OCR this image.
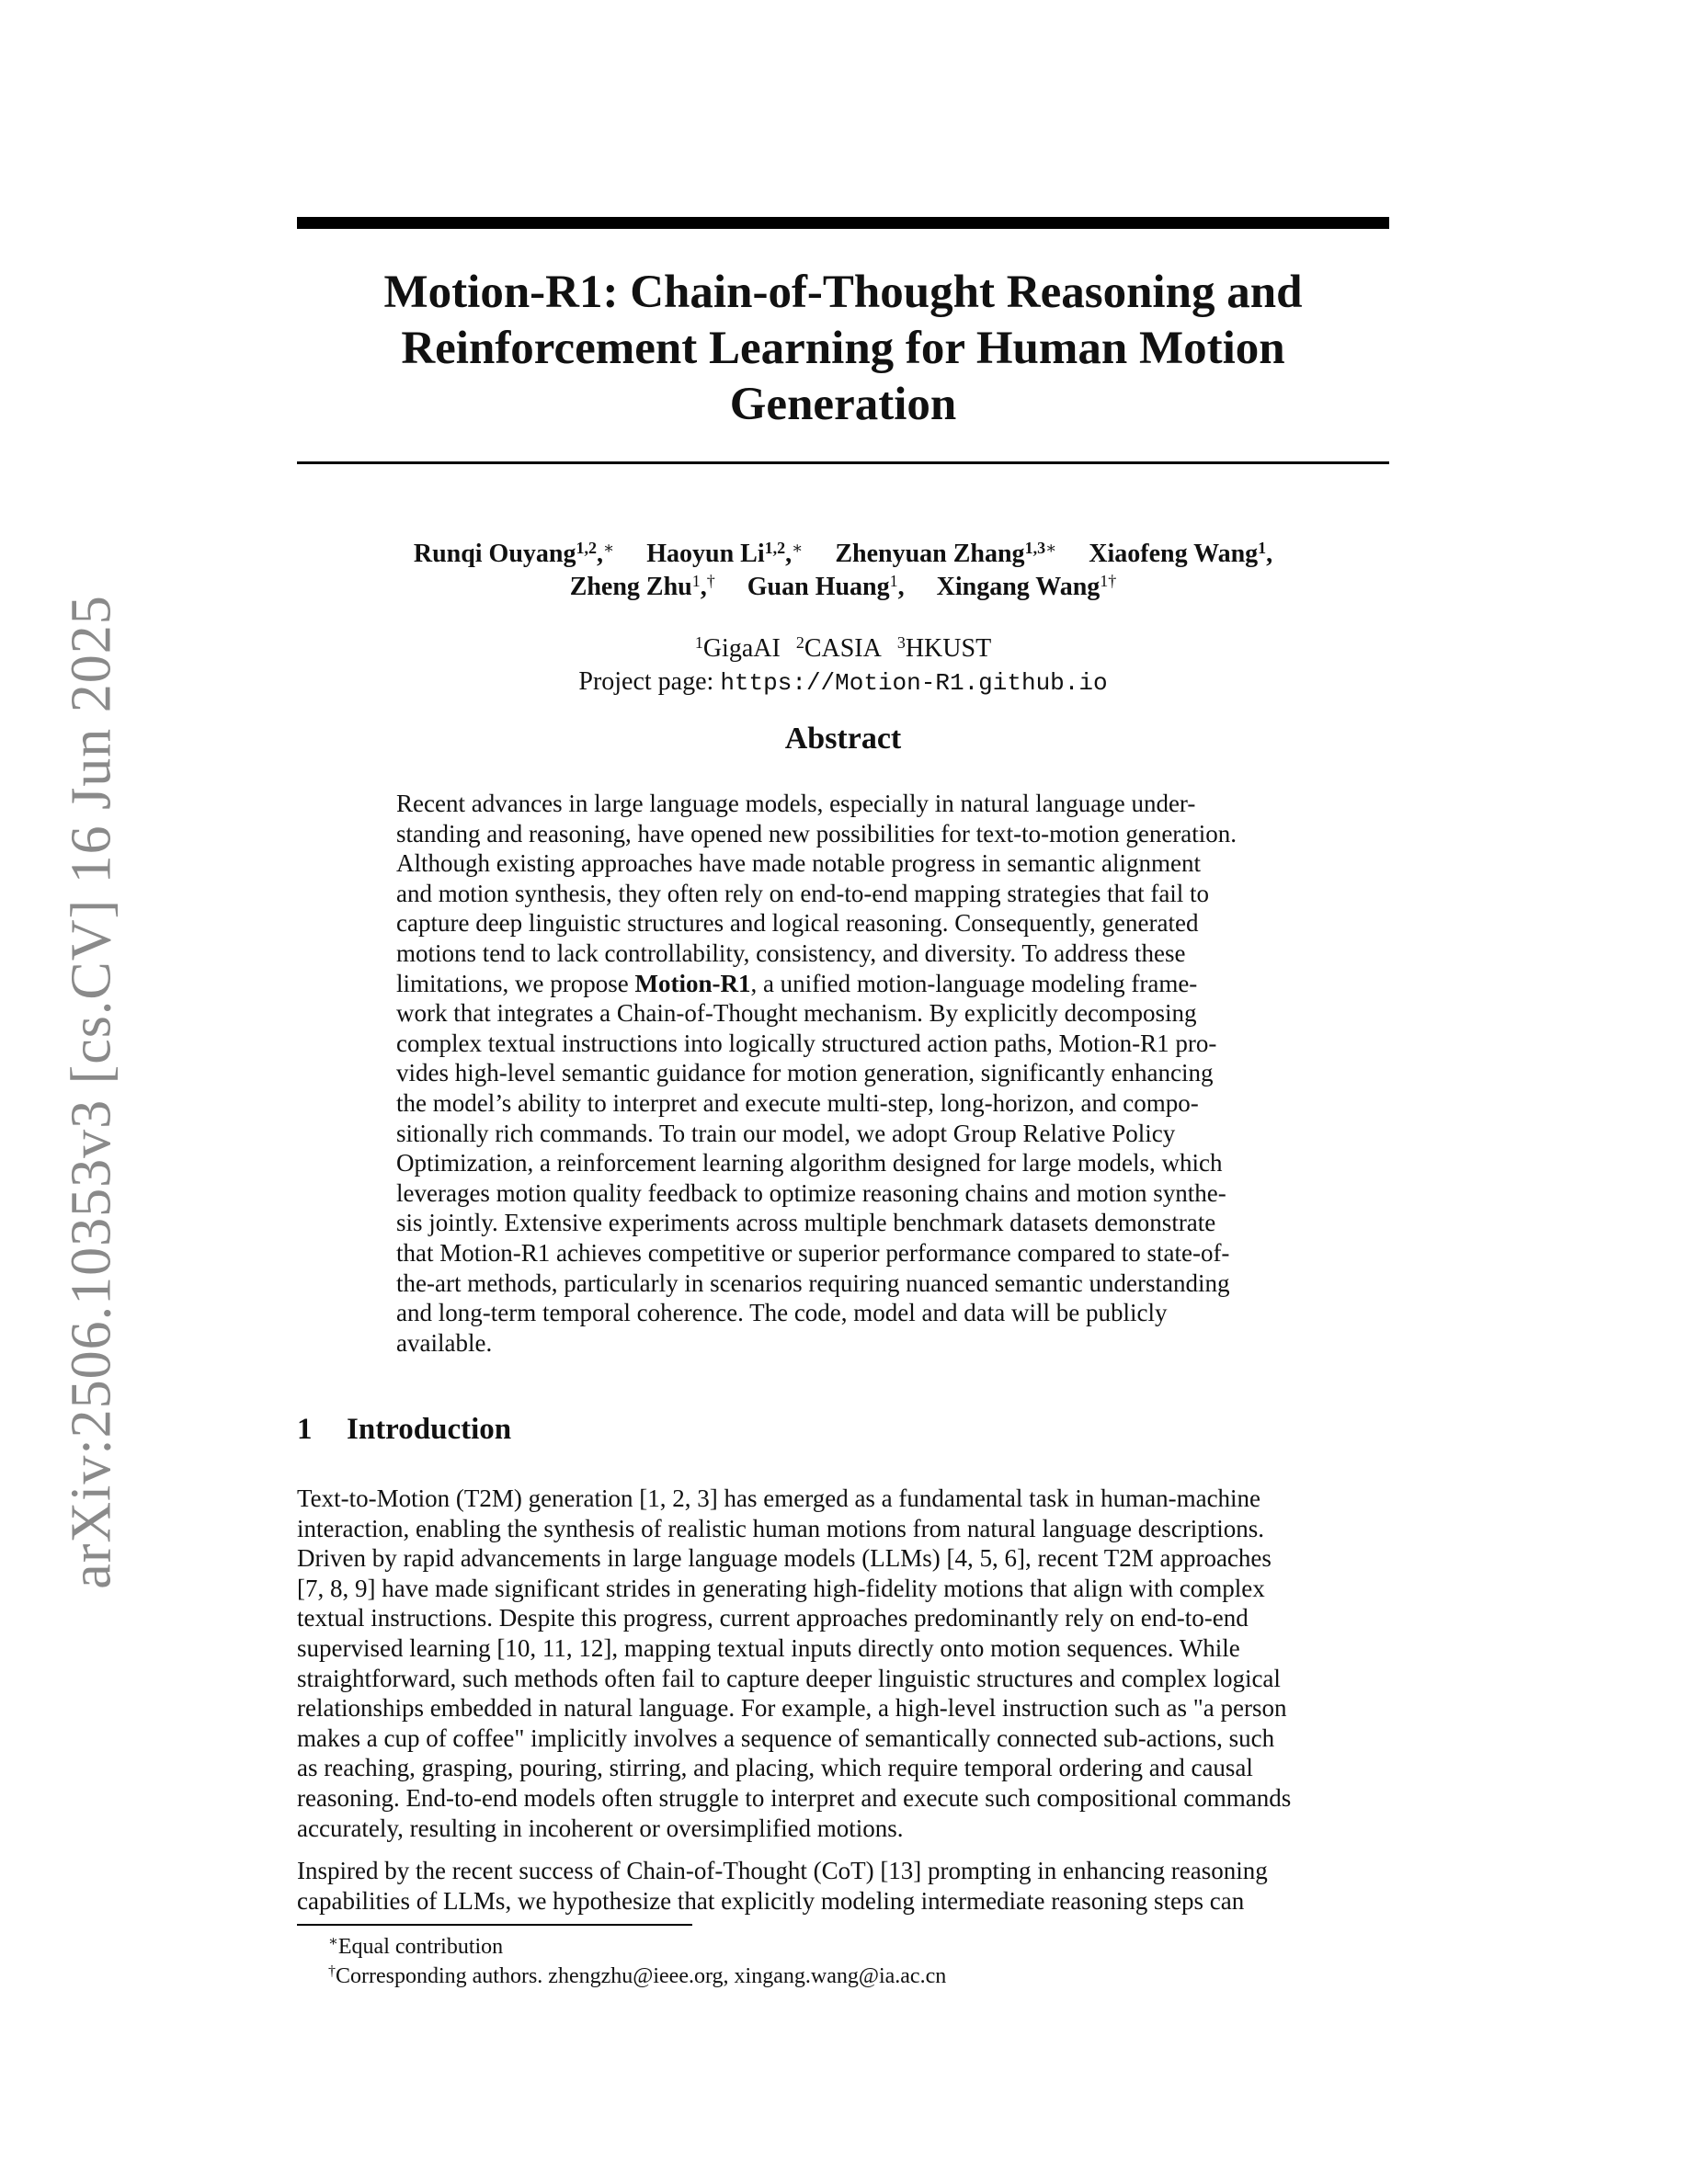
arXiv:2506.10353v3 [cs.CV] 16 Jun 2025
Motion-R1: Chain-of-Thought Reasoning and
Reinforcement Learning for Human Motion
Generation
Runqi Ouyang$^{1,2}$,∗ Haoyun Li$^{1,2}$,∗ Zhenyuan Zhang$^{1,3∗}$ Xiaofeng Wang$^1$,
Zheng Zhu$^1$,† Guan Huang$^1$, Xingang Wang$^{1\dagger}$
$^1$GigaAI $^2$CASIA $^3$HKUST
Project page: https://Motion-R1.github.io
Abstract
Recent advances in large language models, especially in natural language under-
standing and reasoning, have opened new possibilities for text-to-motion generation.
Although existing approaches have made notable progress in semantic alignment
and motion synthesis, they often rely on end-to-end mapping strategies that fail to
capture deep linguistic structures and logical reasoning. Consequently, generated
motions tend to lack controllability, consistency, and diversity. To address these
limitations, we propose Motion-R1, a unified motion-language modeling frame-
work that integrates a Chain-of-Thought mechanism. By explicitly decomposing
complex textual instructions into logically structured action paths, Motion-R1 pro-
vides high-level semantic guidance for motion generation, significantly enhancing
the model’s ability to interpret and execute multi-step, long-horizon, and compo-
sitionally rich commands. To train our model, we adopt Group Relative Policy
Optimization, a reinforcement learning algorithm designed for large models, which
leverages motion quality feedback to optimize reasoning chains and motion synthe-
sis jointly. Extensive experiments across multiple benchmark datasets demonstrate
that Motion-R1 achieves competitive or superior performance compared to state-of-
the-art methods, particularly in scenarios requiring nuanced semantic understanding
and long-term temporal coherence. The code, model and data will be publicly
available.
1 Introduction
Text-to-Motion (T2M) generation [1, 2, 3] has emerged as a fundamental task in human-machine
interaction, enabling the synthesis of realistic human motions from natural language descriptions.
Driven by rapid advancements in large language models (LLMs) [4, 5, 6], recent T2M approaches
[7, 8, 9] have made significant strides in generating high-fidelity motions that align with complex
textual instructions. Despite this progress, current approaches predominantly rely on end-to-end
supervised learning [10, 11, 12], mapping textual inputs directly onto motion sequences. While
straightforward, such methods often fail to capture deeper linguistic structures and complex logical
relationships embedded in natural language. For example, a high-level instruction such as "a person
makes a cup of coffee" implicitly involves a sequence of semantically connected sub-actions, such
as reaching, grasping, pouring, stirring, and placing, which require temporal ordering and causal
reasoning. End-to-end models often struggle to interpret and execute such compositional commands
accurately, resulting in incoherent or oversimplified motions.
Inspired by the recent success of Chain-of-Thought (CoT) [13] prompting in enhancing reasoning
capabilities of LLMs, we hypothesize that explicitly modeling intermediate reasoning steps can
∗Equal contribution
†Corresponding authors. zhengzhu@ieee.org, xingang.wang@ia.ac.cn
